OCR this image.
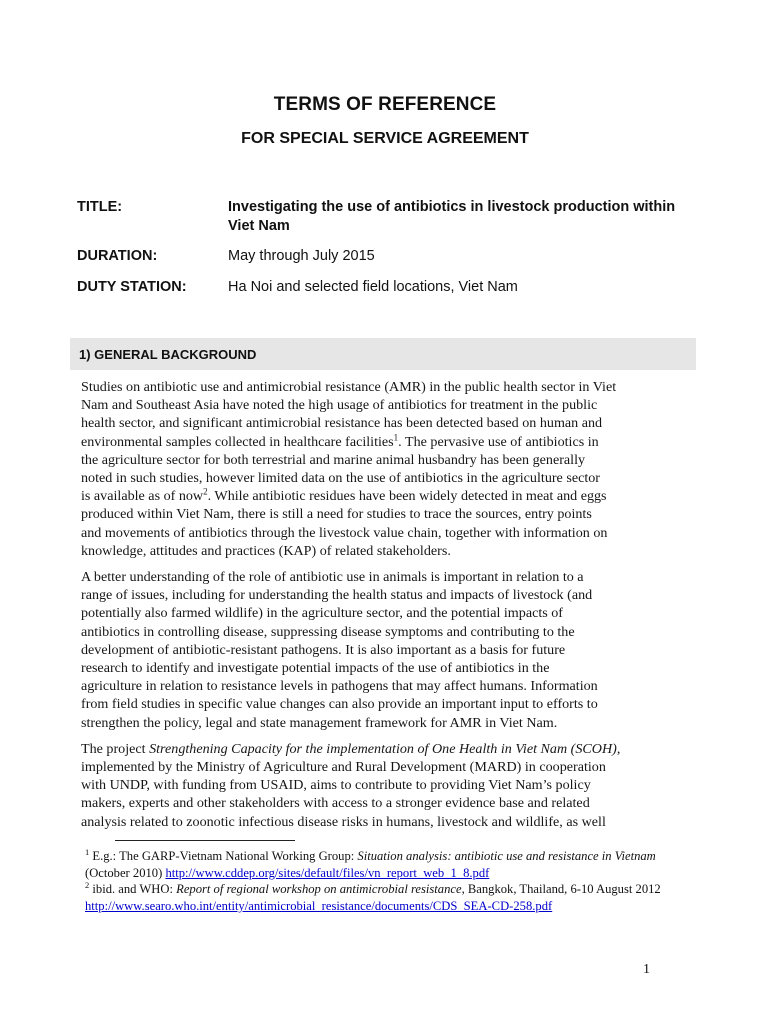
TERMS OF REFERENCE
FOR SPECIAL SERVICE AGREEMENT
TITLE:	Investigating the use of antibiotics in livestock production within Viet Nam
DURATION:	May through July 2015
DUTY STATION:	Ha Noi and selected field locations, Viet Nam
1) GENERAL BACKGROUND

Studies on antibiotic use and antimicrobial resistance (AMR) in the public health sector in Viet
Nam and Southeast Asia have noted the high usage of antibiotics for treatment in the public
health sector, and significant antimicrobial resistance has been detected based on human and
environmental samples collected in healthcare facilities$^1$. The pervasive use of antibiotics in
the agriculture sector for both terrestrial and marine animal husbandry has been generally
noted in such studies, however limited data on the use of antibiotics in the agriculture sector
is available as of now$^2$. While antibiotic residues have been widely detected in meat and eggs
produced within Viet Nam, there is still a need for studies to trace the sources, entry points
and movements of antibiotics through the livestock value chain, together with information on
knowledge, attitudes and practices (KAP) of related stakeholders.

A better understanding of the role of antibiotic use in animals is important in relation to a
range of issues, including for understanding the health status and impacts of livestock (and
potentially also farmed wildlife) in the agriculture sector, and the potential impacts of
antibiotics in controlling disease, suppressing disease symptoms and contributing to the
development of antibiotic-resistant pathogens. It is also important as a basis for future
research to identify and investigate potential impacts of the use of antibiotics in the
agriculture in relation to resistance levels in pathogens that may affect humans. Information
from field studies in specific value changes can also provide an important input to efforts to
strengthen the policy, legal and state management framework for AMR in Viet Nam.

The project Strengthening Capacity for the implementation of One Health in Viet Nam (SCOH),
implemented by the Ministry of Agriculture and Rural Development (MARD) in cooperation
with UNDP, with funding from USAID, aims to contribute to providing Viet Nam’s policy
makers, experts and other stakeholders with access to a stronger evidence base and related
analysis related to zoonotic infectious disease risks in humans, livestock and wildlife, as well

$^1$ E.g.: The GARP-Vietnam National Working Group: Situation analysis: antibiotic use and resistance in Vietnam (October 2010) http://www.cddep.org/sites/default/files/vn_report_web_1_8.pdf
$^2$ ibid. and WHO: Report of regional workshop on antimicrobial resistance, Bangkok, Thailand, 6-10 August 2012 http://www.searo.who.int/entity/antimicrobial_resistance/documents/CDS_SEA-CD-258.pdf
1
